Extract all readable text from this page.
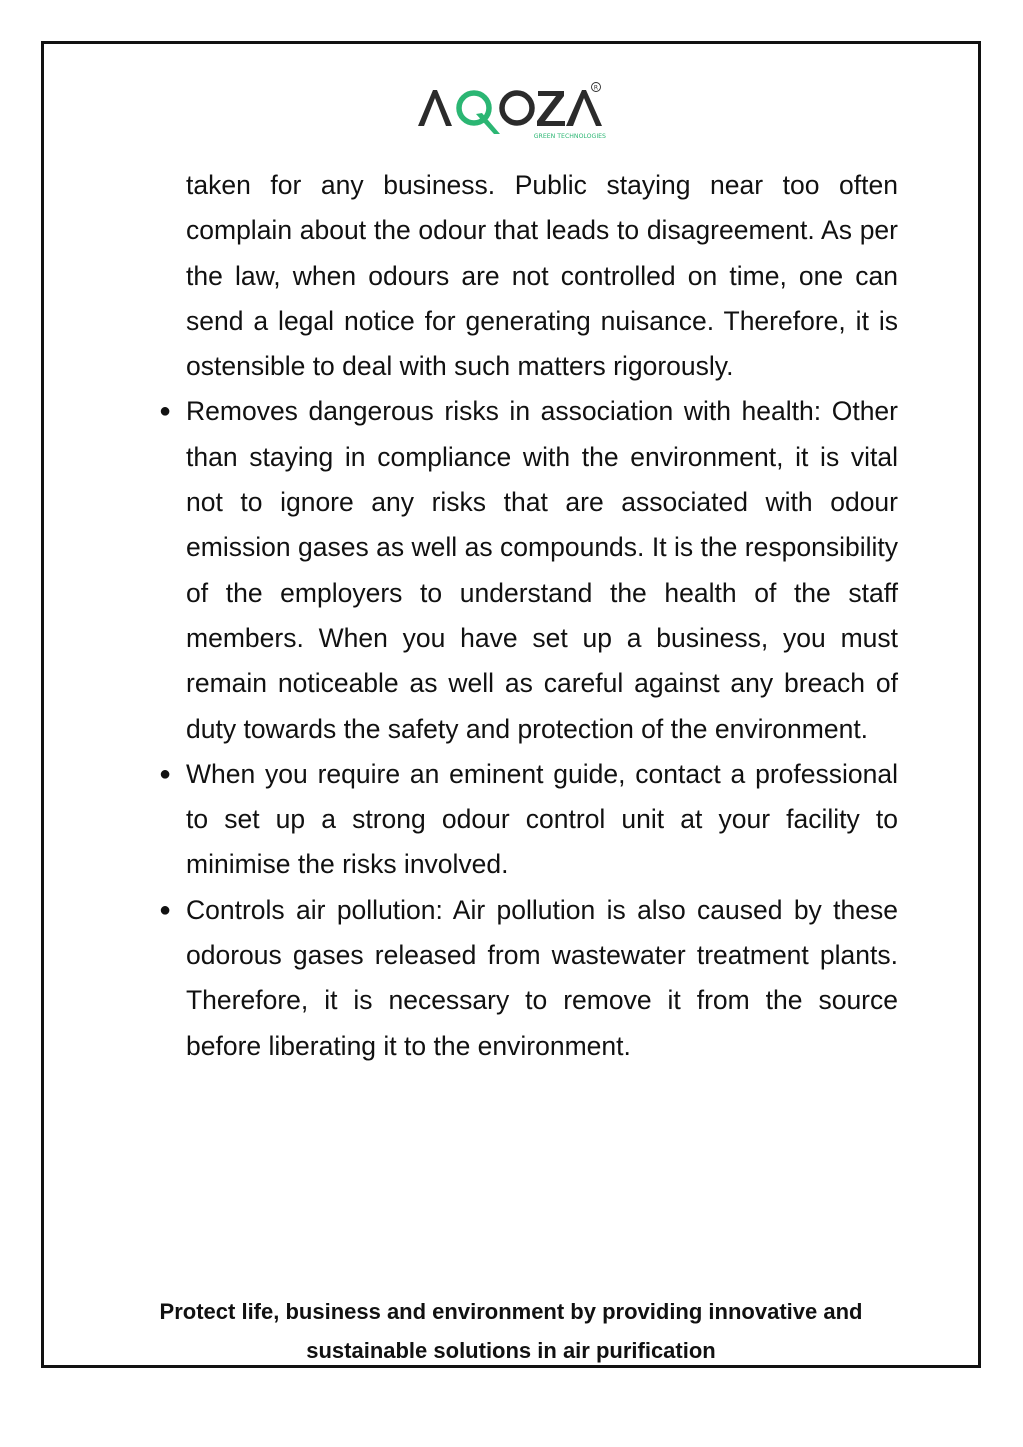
R
GREEN TECHNOLOGIES

taken for any business. Public staying near too often complain about the odour that leads to disagreement. As per the law, when odours are not controlled on time, one can send a legal notice for generating nuisance. Therefore, it is ostensible to deal with such matters rigorously.

● Removes dangerous risks in association with health: Other than staying in compliance with the environment, it is vital not to ignore any risks that are associated with odour emission gases as well as compounds. It is the responsibility of the employers to understand the health of the staff members. When you have set up a business, you must remain noticeable as well as careful against any breach of duty towards the safety and protection of the environment.
● When you require an eminent guide, contact a professional to set up a strong odour control unit at your facility to minimise the risks involved.
● Controls air pollution: Air pollution is also caused by these odorous gases released from wastewater treatment plants. Therefore, it is necessary to remove it from the source before liberating it to the environment.
Protect life, business and environment by providing innovative and
sustainable solutions in air purification
